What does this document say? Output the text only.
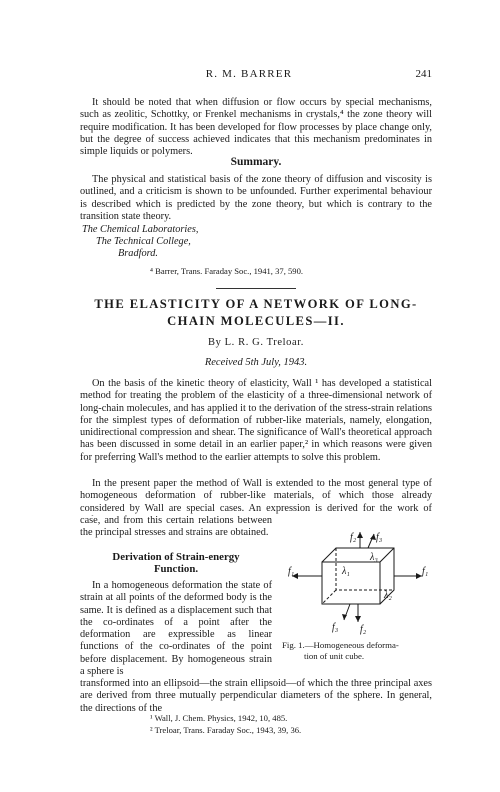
R. M. BARRER	241

It should be noted that when diffusion or flow occurs by special mechanisms, such as zeolitic, Schottky, or Frenkel mechanisms in crystals,⁴ the zone theory will require modification. It has been developed for flow processes by place change only, but the degree of success achieved indicates that this mechanism predominates in simple liquids or polymers.

Summary.

The physical and statistical basis of the zone theory of diffusion and viscosity is outlined, and a criticism is shown to be unfounded. Further experimental behaviour is described which is predicted by the zone theory, but which is contrary to the transition state theory.

The Chemical Laboratories,
The Technical College,
Bradford.
⁴ Barrer, Trans. Faraday Soc., 1941, 37, 590.
THE ELASTICITY OF A NETWORK OF LONG-
CHAIN MOLECULES—II.
By L. R. G. Treloar.
Received 5th July, 1943.

On the basis of the kinetic theory of elasticity, Wall ¹ has developed a statistical method for treating the problem of the elasticity of a three-dimensional network of long-chain molecules, and has applied it to the derivation of the stress-strain relations for the simplest types of deformation of rubber-like materials, namely, elongation, unidirectional compression and shear. The significance of Wall's theoretical approach has been discussed in some detail in an earlier paper,² in which reasons were given for preferring Wall's method to the earlier attempts to solve this problem.

In the present paper the method of Wall is extended to the most general type of homogeneous deformation of rubber-like materials, of which those already considered by Wall are special cases. An expression is derived for the work of

case, and from this certain relations between the principal stresses and strains are obtained.

Derivation of Strain-energy
Function.

In a homogeneous deformation the state of strain at all points of the deformed body is the same. It is defined as a displacement such that the co-ordinates of a point after the deformation are expressible as linear functions of the co-ordinates of the point before displacement. By homogeneous strain a sphere is

transformed into an ellipsoid—the strain ellipsoid—of which the three principal axes are derived from three mutually perpendicular diameters of the sphere. In general, the directions of the

f₁	f₁
f₂ f₃
f₃ f₂
λ₁
λ₂
λ₃
Fig. 1.—Homogeneous deforma-
tion of unit cube.
¹ Wall, J. Chem. Physics, 1942, 10, 485.
² Treloar, Trans. Faraday Soc., 1943, 39, 36.
